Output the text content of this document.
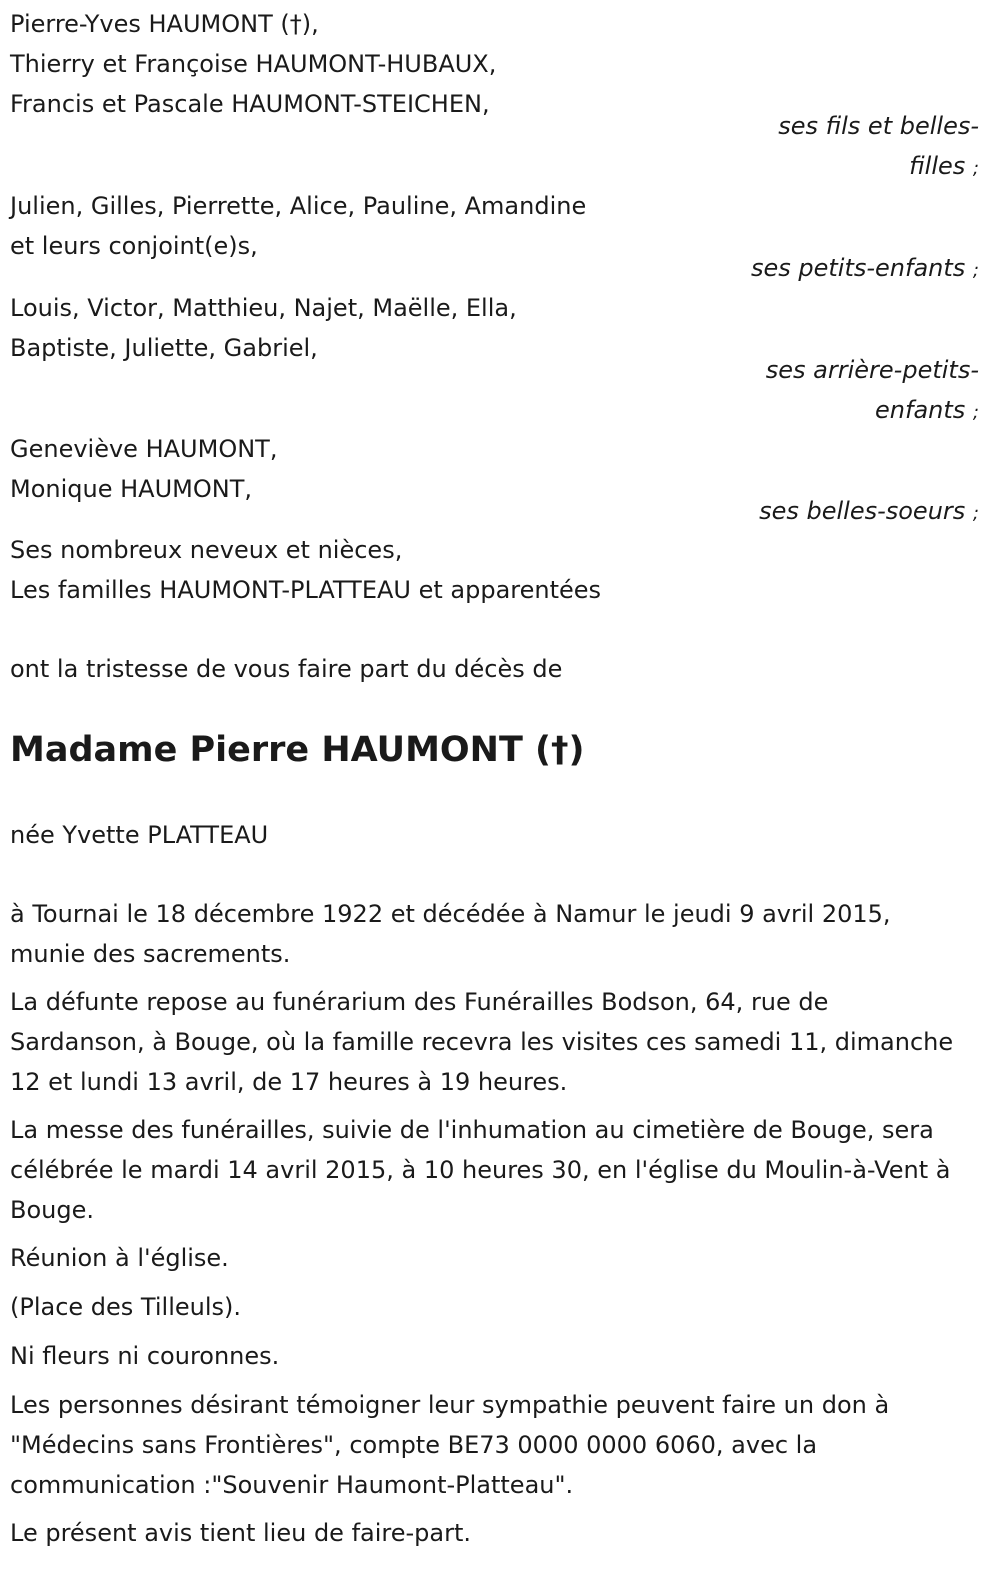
Pierre-Yves HAUMONT (†),
Thierry et Françoise HAUMONT-HUBAUX,
Francis et Pascale HAUMONT-STEICHEN,
ses fils et belles-
filles ;
Julien, Gilles, Pierrette, Alice, Pauline, Amandine
et leurs conjoint(e)s,
ses petits-enfants ;
Louis, Victor, Matthieu, Najet, Maëlle, Ella,
Baptiste, Juliette, Gabriel,
ses arrière-petits-
enfants ;
Geneviève HAUMONT,
Monique HAUMONT,
ses belles-soeurs ;
Ses nombreux neveux et nièces,
Les familles HAUMONT-PLATTEAU et apparentées
ont la tristesse de vous faire part du décès de
Madame Pierre HAUMONT (†)
née Yvette PLATTEAU
à Tournai le 18 décembre 1922 et décédée à Namur le jeudi 9 avril 2015, munie des sacrements.
La défunte repose au funérarium des Funérailles Bodson, 64, rue de Sardanson, à Bouge, où la famille recevra les visites ces samedi 11, dimanche 12 et lundi 13 avril, de 17 heures à 19 heures.
La messe des funérailles, suivie de l'inhumation au cimetière de Bouge, sera célébrée le mardi 14 avril 2015, à 10 heures 30, en l'église du Moulin-à-Vent à Bouge.
Réunion à l'église.
(Place des Tilleuls).
Ni fleurs ni couronnes.
Les personnes désirant témoigner leur sympathie peuvent faire un don à "Médecins sans Frontières", compte BE73 0000 0000 6060, avec la communication :"Souvenir Haumont-Platteau".
Le présent avis tient lieu de faire-part.
